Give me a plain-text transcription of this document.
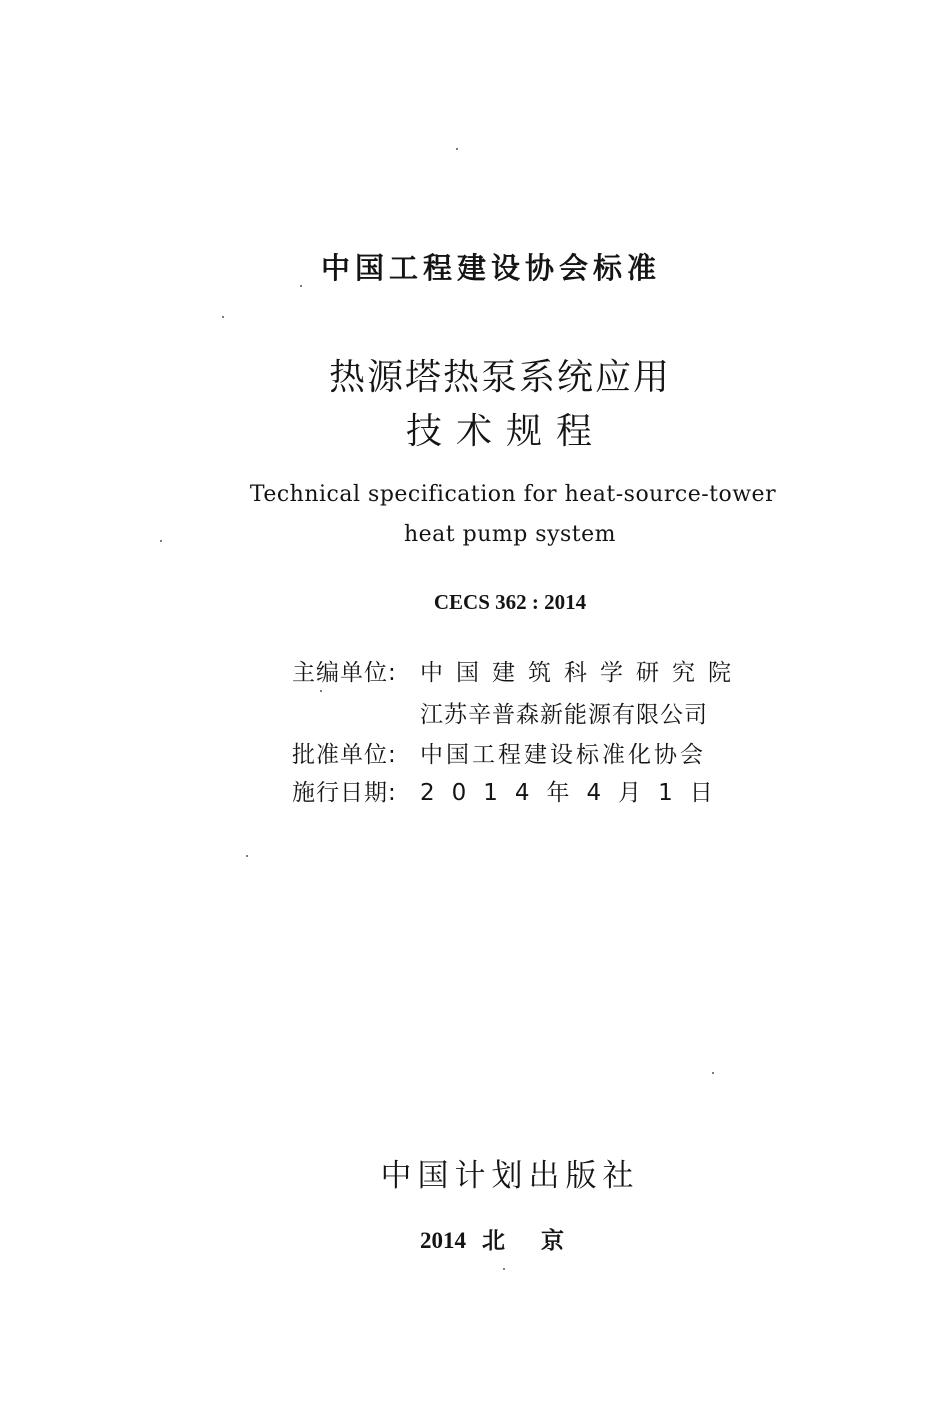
中国工程建设协会标准
热源塔热泵系统应用
技术规程
Technical specification for heat-source-tower
heat pump system
CECS 362 : 2014
主编单位: 中国建筑科学研究院
江苏辛普森新能源有限公司
批准单位: 中国工程建设标准化协会
施行日期: 2014年4月1日
中国计划出版社
2014 北京
